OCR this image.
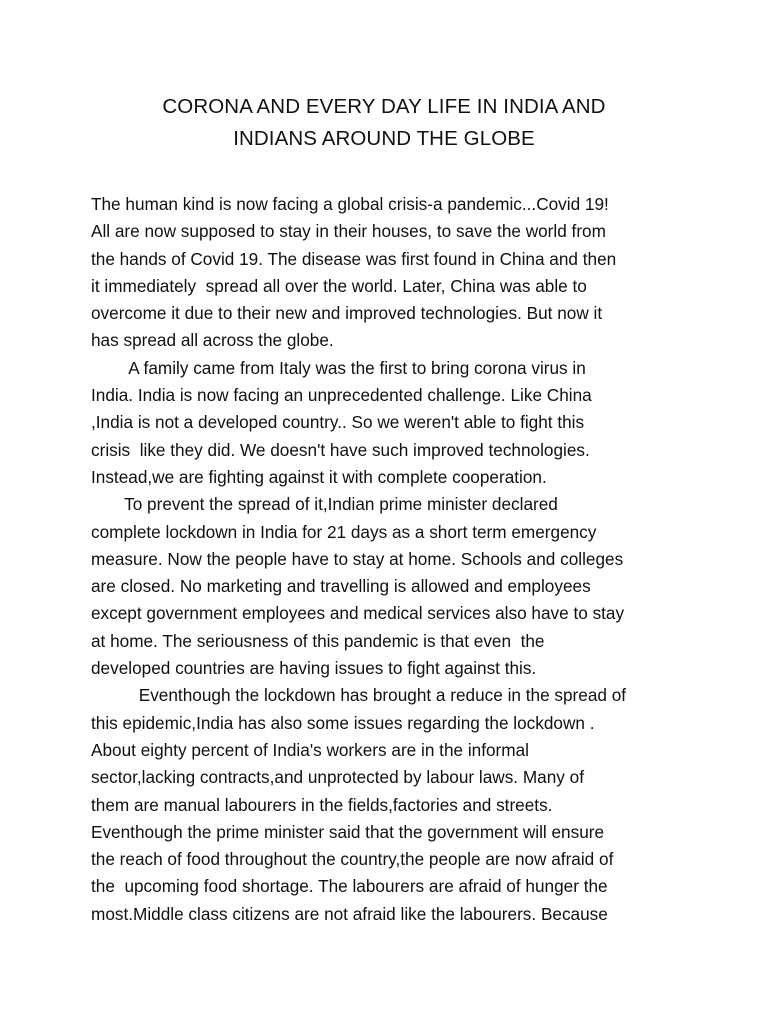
CORONA AND EVERY DAY LIFE IN INDIA AND
INDIANS AROUND THE GLOBE
The human kind is now facing a global crisis-a pandemic...Covid 19!
All are now supposed to stay in their houses, to save the world from
the hands of Covid 19. The disease was first found in China and then
it immediately  spread all over the world. Later, China was able to
overcome it due to their new and improved technologies. But now it
has spread all across the globe.
A family came from Italy was the first to bring corona virus in
India. India is now facing an unprecedented challenge. Like China
,India is not a developed country.. So we weren't able to fight this
crisis  like they did. We doesn't have such improved technologies.
Instead,we are fighting against it with complete cooperation.
To prevent the spread of it,Indian prime minister declared
complete lockdown in India for 21 days as a short term emergency
measure. Now the people have to stay at home. Schools and colleges
are closed. No marketing and travelling is allowed and employees
except government employees and medical services also have to stay
at home. The seriousness of this pandemic is that even  the
developed countries are having issues to fight against this.
Eventhough the lockdown has brought a reduce in the spread of
this epidemic,India has also some issues regarding the lockdown .
About eighty percent of India's workers are in the informal
sector,lacking contracts,and unprotected by labour laws. Many of
them are manual labourers in the fields,factories and streets.
Eventhough the prime minister said that the government will ensure
the reach of food throughout the country,the people are now afraid of
the  upcoming food shortage. The labourers are afraid of hunger the
most.Middle class citizens are not afraid like the labourers. Because
